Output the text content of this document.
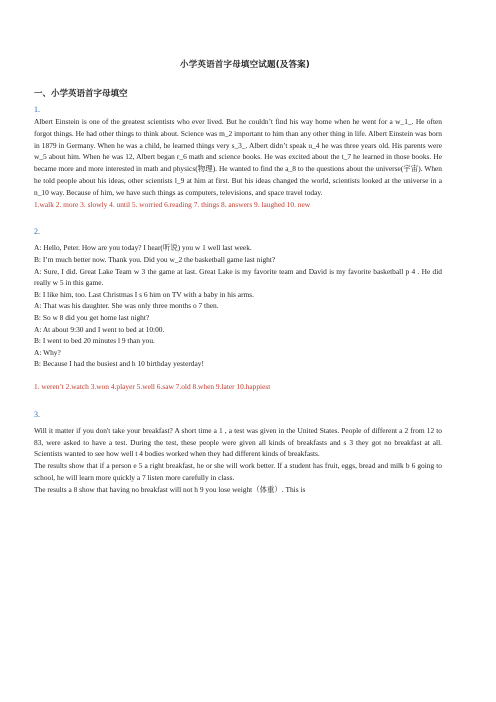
小学英语首字母填空试题(及答案)
一、小学英语首字母填空
1.

Albert Einstein is one of the greatest scientists who ever lived. But he couldn’t find his way home when he went for a w_1_. He often forgot things. He had other things to think about. Science was m_2 important to him than any other thing in life. Albert Einstein was born in 1879 in Germany. When he was a child, he learned things very s_3_. Albert didn’t speak u_4 he was three years old. His parents were w_5 about him. When he was 12, Albert began r_6 math and science books. He was excited about the t_7 he learned in those books. He became more and more interested in math and physics(物理). He wanted to find the a_8 to the questions about the universe(宇宙). When he told people about his ideas, other scientists l_9 at him at first. But his ideas changed the world, scientists looked at the universe in a n_10 way. Because of him, we have such things as computers, televisions, and space travel today.

1.walk 2. more 3. slowly 4. until 5. worried 6.reading 7. things 8. answers 9. laughed 10. new

2.

A: Hello, Peter. How are you today? I hear(听说) you w 1 well last week.

B: I’m much better now. Thank you. Did you w_2 the basketball game last night?

A: Sure, I did. Great Lake Team w 3 the game at last. Great Lake is my favorite team and David is my favorite basketball p 4 . He did really w 5 in this game.

B: I like him, too. Last Christmas I s 6 him on TV with a baby in his arms.

A: That was his daughter. She was only three months o 7 then.

B: So w 8 did you get home last night?

A: At about 9:30 and I went to bed at 10:00.

B: I went to bed 20 minutes l 9 than you.

A: Why?

B: Because I had the busiest and h 10 birthday yesterday!

1. weren’t 2.watch 3.won 4.player 5.well 6.saw 7.old 8.when 9.later 10.happiest

3.

Will it matter if you don't take your breakfast? A short time a 1 , a test was given in the United States. People of different a 2 from 12 to 83, were asked to have a test. During the test, these people were given all kinds of breakfasts and s 3 they got no breakfast at all. Scientists wanted to see how well t 4 bodies worked when they had different kinds of breakfasts.

The results show that if a person e 5 a right breakfast, he or she will work better. If a student has fruit, eggs, bread and milk b 6 going to school, he will learn more quickly a 7 listen more carefully in class.

The results a 8 show that having no breakfast will not h 9 you lose weight（体重）. This is
